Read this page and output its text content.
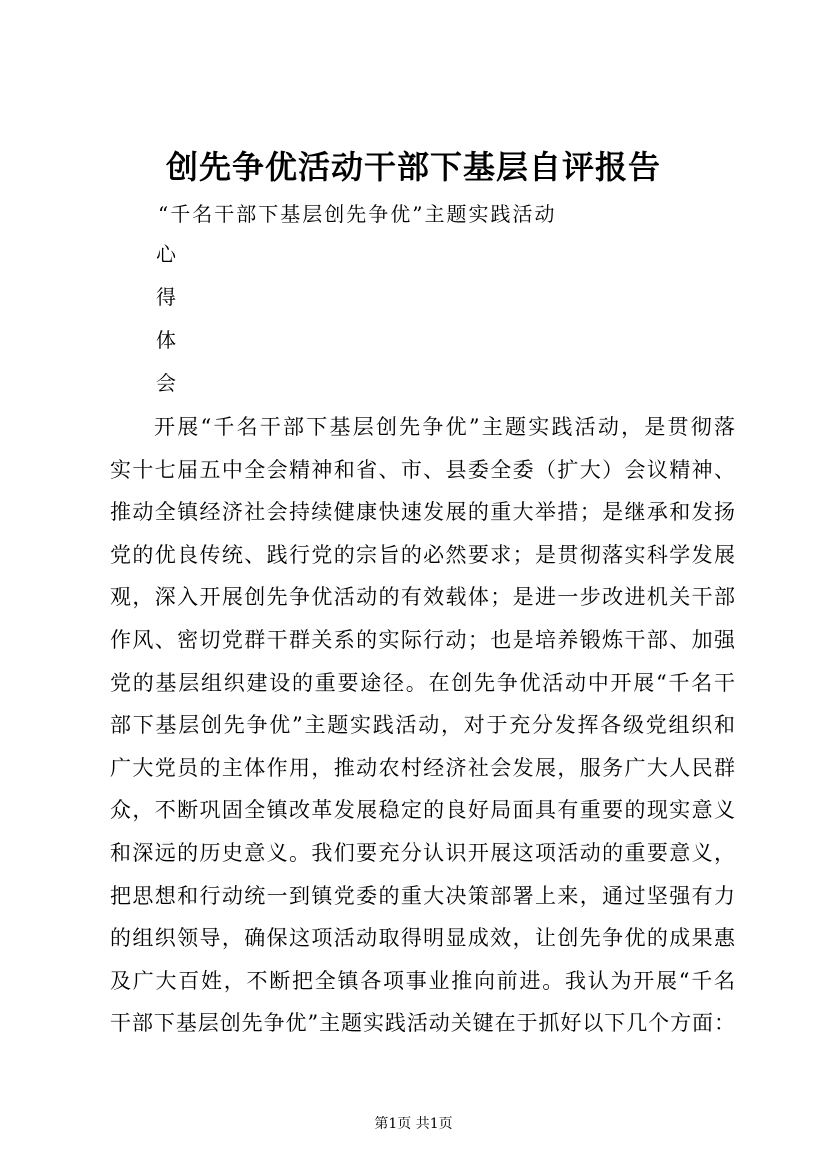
创先争优活动干部下基层自评报告
“千名干部下基层创先争优”主题实践活动
心
得
体
会
开展“千名干部下基层创先争优”主题实践活动，是贯彻落
实十七届五中全会精神和省、市、县委全委（扩大）会议精神、
推动全镇经济社会持续健康快速发展的重大举措；是继承和发扬
党的优良传统、践行党的宗旨的必然要求；是贯彻落实科学发展
观，深入开展创先争优活动的有效载体；是进一步改进机关干部
作风、密切党群干群关系的实际行动；也是培养锻炼干部、加强
党的基层组织建设的重要途径。在创先争优活动中开展“千名干
部下基层创先争优”主题实践活动，对于充分发挥各级党组织和
广大党员的主体作用，推动农村经济社会发展，服务广大人民群
众，不断巩固全镇改革发展稳定的良好局面具有重要的现实意义
和深远的历史意义。我们要充分认识开展这项活动的重要意义，
把思想和行动统一到镇党委的重大决策部署上来，通过坚强有力
的组织领导，确保这项活动取得明显成效，让创先争优的成果惠
及广大百姓，不断把全镇各项事业推向前进。我认为开展“千名
干部下基层创先争优”主题实践活动关键在于抓好以下几个方面：
第1页 共1页
